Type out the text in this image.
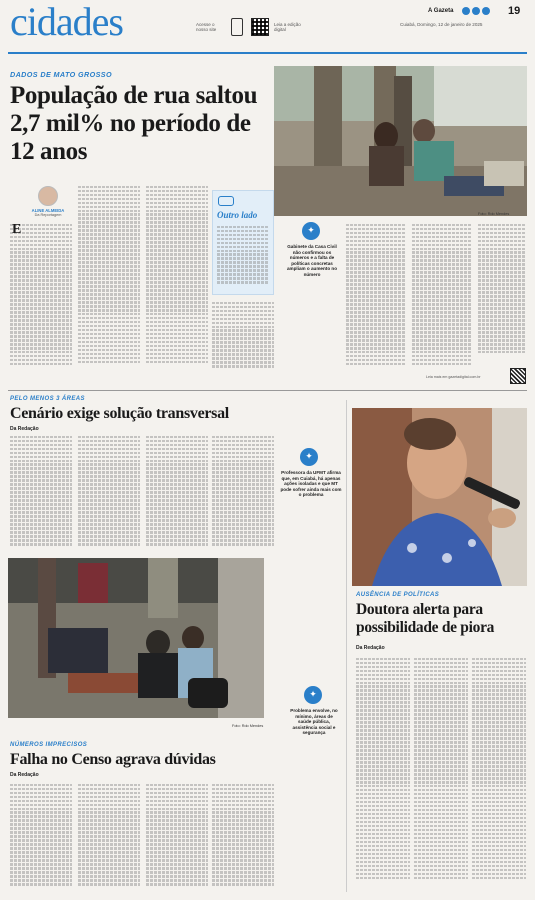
cidades	Acesse o nosso site
Leia a edição digital
A Gazeta	19
Cuiabá, Domingo, 12 de janeiro de 2025
DADOS DE MATO GROSSO
População de rua saltou 2,7 mil% no período de 12 anos
Foto: Rdo Mendes
ALINE ALMEIDA
Da Reportagem
E
Outro lado
✦
Gabinete da Casa Civil não confirmou os números e a falta de políticas concretas ampliam o aumento no número
Leia mais em gazetadigital.com.br
PELO MENOS 3 ÁREAS
Cenário exige solução transversal
Da Redação
✦
Professora da UFMT afirma que, em Cuiabá, há apenas ações isoladas e que MT pode sofrer ainda mais com o problema
Foto: Rdo Mendes
AUSÊNCIA DE POLÍTICAS
Doutora alerta para possibilidade de piora
Da Redação
✦
Problema envolve, no mínimo, áreas de saúde pública, assistência social e segurança
NÚMEROS IMPRECISOS
Falha no Censo agrava dúvidas
Da Redação
